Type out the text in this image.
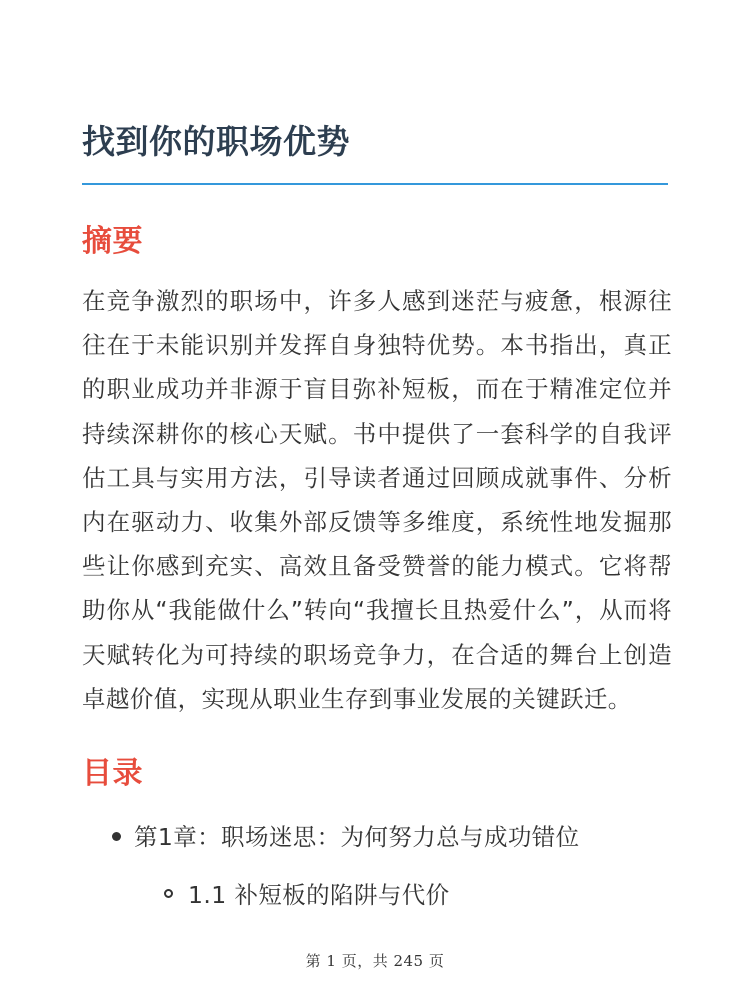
找到你的职场优势
摘要

在竞争激烈的职场中，许多人感到迷茫与疲惫，根源往往在于未能识别并发挥自身独特优势。本书指出，真正的职业成功并非源于盲目弥补短板，而在于精准定位并持续深耕你的核心天赋。书中提供了一套科学的自我评估工具与实用方法，引导读者通过回顾成就事件、分析内在驱动力、收集外部反馈等多维度，系统性地发掘那些让你感到充实、高效且备受赞誉的能力模式。它将帮助你从“我能做什么”转向“我擅长且热爱什么”，从而将天赋转化为可持续的职场竞争力，在合适的舞台上创造卓越价值，实现从职业生存到事业发展的关键跃迁。

目录
第1章：职场迷思：为何努力总与成功错位
1.1 补短板的陷阱与代价
第 1 页，共 245 页
